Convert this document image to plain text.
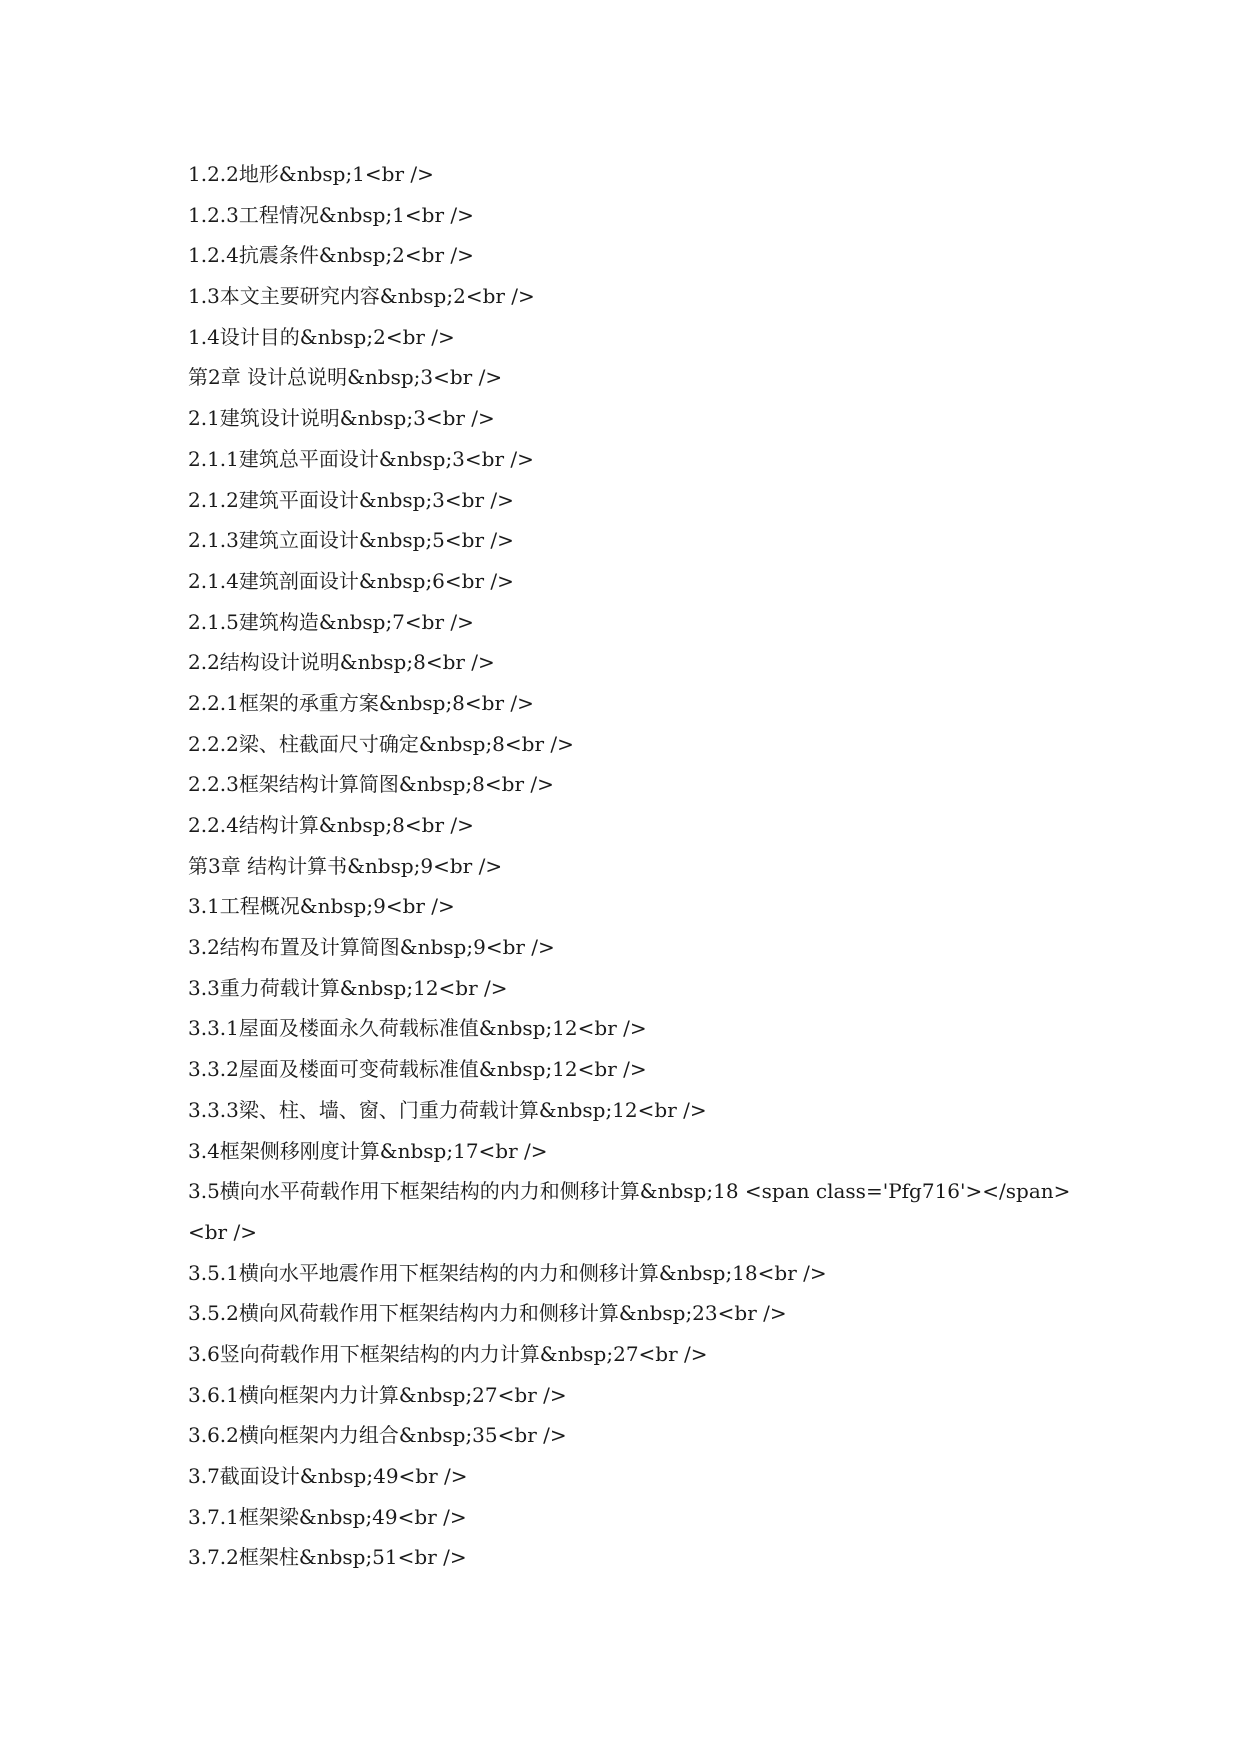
1.2.2地形&nbsp;1<br />
1.2.3工程情况&nbsp;1<br />
1.2.4抗震条件&nbsp;2<br />
1.3本文主要研究内容&nbsp;2<br />
1.4设计目的&nbsp;2<br />
第2章 设计总说明&nbsp;3<br />
2.1建筑设计说明&nbsp;3<br />
2.1.1建筑总平面设计&nbsp;3<br />
2.1.2建筑平面设计&nbsp;3<br />
2.1.3建筑立面设计&nbsp;5<br />
2.1.4建筑剖面设计&nbsp;6<br />
2.1.5建筑构造&nbsp;7<br />
2.2结构设计说明&nbsp;8<br />
2.2.1框架的承重方案&nbsp;8<br />
2.2.2梁、柱截面尺寸确定&nbsp;8<br />
2.2.3框架结构计算简图&nbsp;8<br />
2.2.4结构计算&nbsp;8<br />
第3章 结构计算书&nbsp;9<br />
3.1工程概况&nbsp;9<br />
3.2结构布置及计算简图&nbsp;9<br />
3.3重力荷载计算&nbsp;12<br />
3.3.1屋面及楼面永久荷载标准值&nbsp;12<br />
3.3.2屋面及楼面可变荷载标准值&nbsp;12<br />
3.3.3梁、柱、墙、窗、门重力荷载计算&nbsp;12<br />
3.4框架侧移刚度计算&nbsp;17<br />
3.5横向水平荷载作用下框架结构的内力和侧移计算&nbsp;18 <span class='Pfg716'></span>
<br />
3.5.1横向水平地震作用下框架结构的内力和侧移计算&nbsp;18<br />
3.5.2横向风荷载作用下框架结构内力和侧移计算&nbsp;23<br />
3.6竖向荷载作用下框架结构的内力计算&nbsp;27<br />
3.6.1横向框架内力计算&nbsp;27<br />
3.6.2横向框架内力组合&nbsp;35<br />
3.7截面设计&nbsp;49<br />
3.7.1框架梁&nbsp;49<br />
3.7.2框架柱&nbsp;51<br />
